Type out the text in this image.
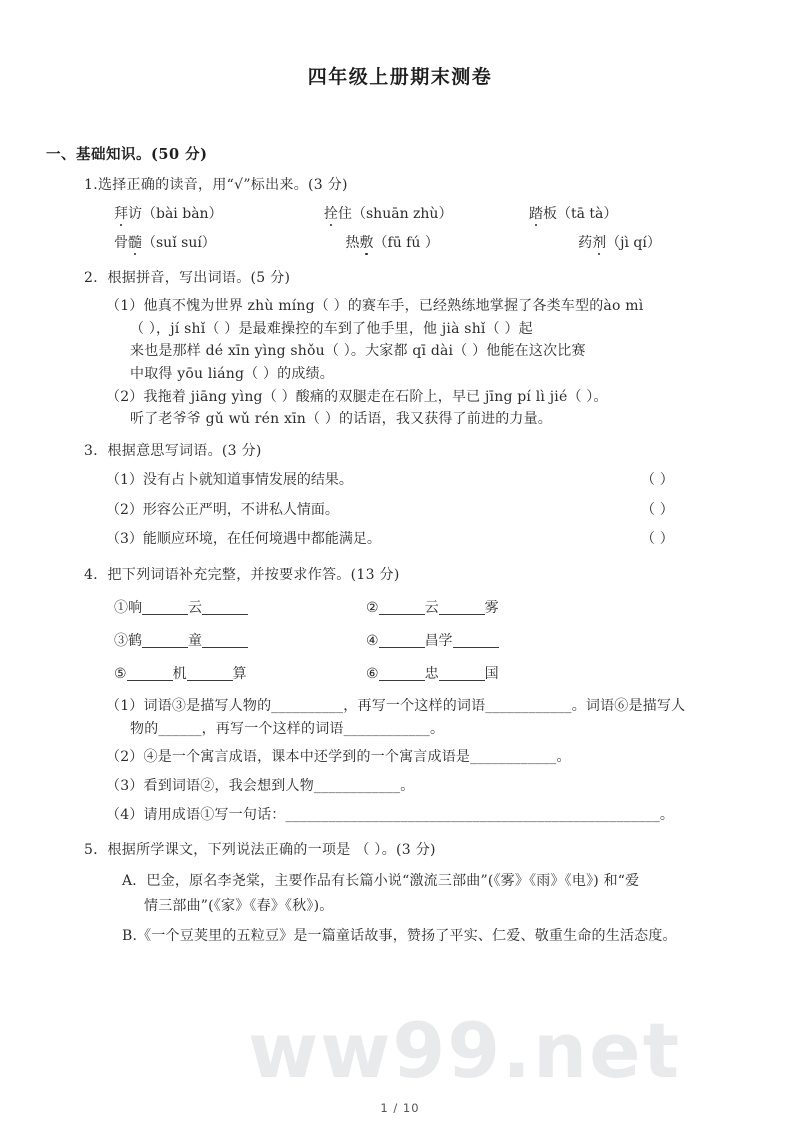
ww99.net
四年级上册期末测卷
一、基础知识。(50 分)
1.选择正确的读音，用“√”标出来。(3 分)
拜访（bài bàn）	拴住（shuān zhù）	踏板（tā tà）
骨髓（suǐ suí）	热敷（fū fú ）	药剂（jì qí）
2．根据拼音，写出词语。(5 分)
（1）他真不愧为世界 zhù míng（ ）的赛车手，已经熟练地掌握了各类车型的ào mì
（ ），jí shǐ（ ）是最难操控的车到了他手里，他 jià shǐ（ ）起
来也是那样 dé xīn yìng shǒu（ ）。大家都 qī dài（ ）他能在这次比赛
中取得 yōu liáng（ ）的成绩。
（2）我拖着 jiāng yìng（ ）酸痛的双腿走在石阶上，早已 jīng pí lì jié（ ）。
听了老爷爷 gǔ wǔ rén xīn（ ）的话语，我又获得了前进的力量。
3．根据意思写词语。(3 分)
（1）没有占卜就知道事情发展的结果。	（ ）
（2）形容公正严明，不讲私人情面。	（ ）
（3）能顺应环境，在任何境遇中都能满足。	（ ）
4．把下列词语补充完整，并按要求作答。(13 分)
①响	云	②	云	雾
③鹤	童	④	昌学
⑤	机	算	⑥	忠	国
（1）词语③是描写人物的__________，再写一个这样的词语____________。词语⑥是描写人
物的______，再写一个这样的词语____________。
（2）④是一个寓言成语，课本中还学到的一个寓言成语是____________。
（3）看到词语②，我会想到人物____________。
（4）请用成语①写一句话：____________________________________________________。
5．根据所学课文，下列说法正确的一项是 （ ）。(3 分)
A．巴金，原名李尧棠，主要作品有长篇小说“激流三部曲”(《雾》《雨》《电》) 和“爱
情三部曲”(《家》《春》《秋》)。
B.《一个豆荚里的五粒豆》是一篇童话故事，赞扬了平实、仁爱、敬重生命的生活态度。
1 / 10
